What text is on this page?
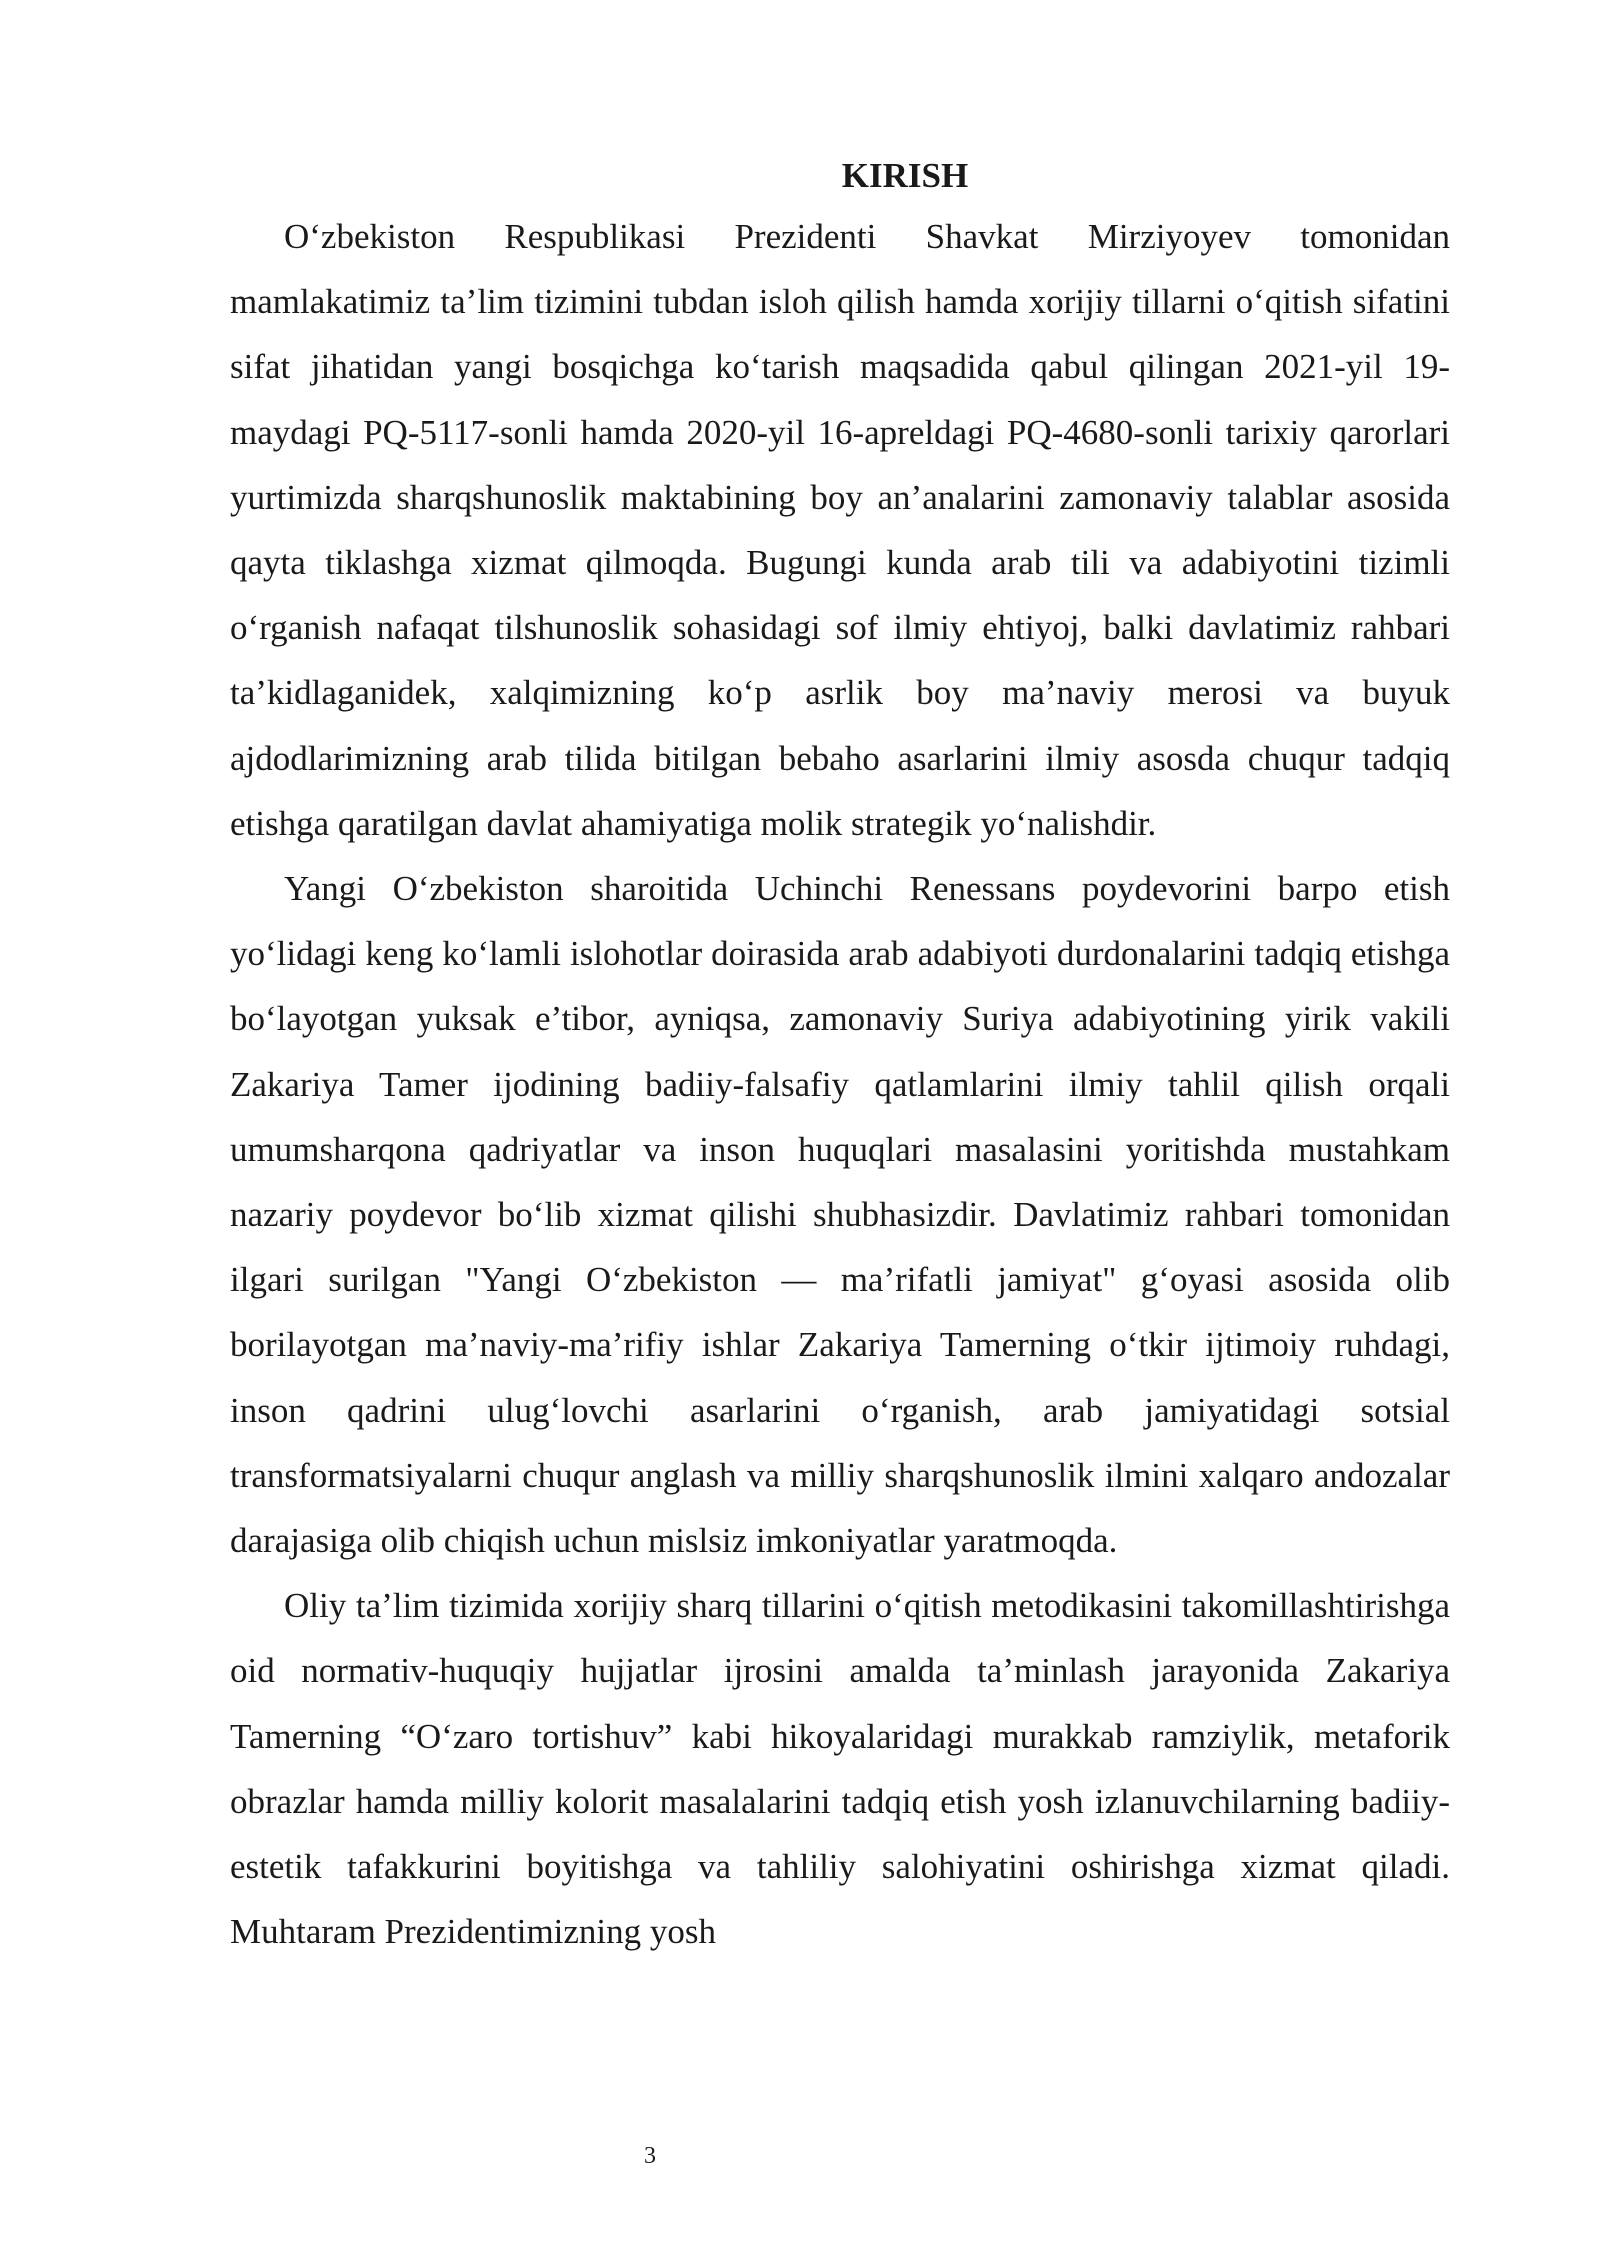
KIRISH

O‘zbekiston Respublikasi Prezidenti Shavkat Mirziyoyev tomonidan mamlakatimiz ta’lim tizimini tubdan isloh qilish hamda xorijiy tillarni o‘qitish sifatini sifat jihatidan yangi bosqichga ko‘tarish maqsadida qabul qilingan 2021-yil 19-maydagi PQ-5117-sonli hamda 2020-yil 16-apreldagi PQ-4680-sonli tarixiy qarorlari yurtimizda sharqshunoslik maktabining boy an’analarini zamonaviy talablar asosida qayta tiklashga xizmat qilmoqda. Bugungi kunda arab tili va adabiyotini tizimli o‘rganish nafaqat tilshunoslik sohasidagi sof ilmiy ehtiyoj, balki davlatimiz rahbari ta’kidlaganidek, xalqimizning ko‘p asrlik boy ma’naviy merosi va buyuk ajdodlarimizning arab tilida bitilgan bebaho asarlarini ilmiy asosda chuqur tadqiq etishga qaratilgan davlat ahamiyatiga molik strategik yo‘nalishdir.

Yangi O‘zbekiston sharoitida Uchinchi Renessans poydevorini barpo etish yo‘lidagi keng ko‘lamli islohotlar doirasida arab adabiyoti durdonalarini tadqiq etishga bo‘layotgan yuksak e’tibor, ayniqsa, zamonaviy Suriya adabiyotining yirik vakili Zakariya Tamer ijodining badiiy-falsafiy qatlamlarini ilmiy tahlil qilish orqali umumsharqona qadriyatlar va inson huquqlari masalasini yoritishda mustahkam nazariy poydevor bo‘lib xizmat qilishi shubhasizdir. Davlatimiz rahbari tomonidan ilgari surilgan "Yangi O‘zbekiston — ma’rifatli jamiyat" g‘oyasi asosida olib borilayotgan ma’naviy-ma’rifiy ishlar Zakariya Tamerning o‘tkir ijtimoiy ruhdagi, inson qadrini ulug‘lovchi asarlarini o‘rganish, arab jamiyatidagi sotsial transformatsiyalarni chuqur anglash va milliy sharqshunoslik ilmini xalqaro andozalar darajasiga olib chiqish uchun mislsiz imkoniyatlar yaratmoqda.

Oliy ta’lim tizimida xorijiy sharq tillarini o‘qitish metodikasini takomillashtirishga oid normativ-huquqiy hujjatlar ijrosini amalda ta’minlash jarayonida Zakariya Tamerning “O‘zaro tortishuv” kabi hikoyalaridagi murakkab ramziylik, metaforik obrazlar hamda milliy kolorit masalalarini tadqiq etish yosh izlanuvchilarning badiiy-estetik tafakkurini boyitishga va tahliliy salohiyatini oshirishga xizmat qiladi. Muhtaram Prezidentimizning yosh

3
